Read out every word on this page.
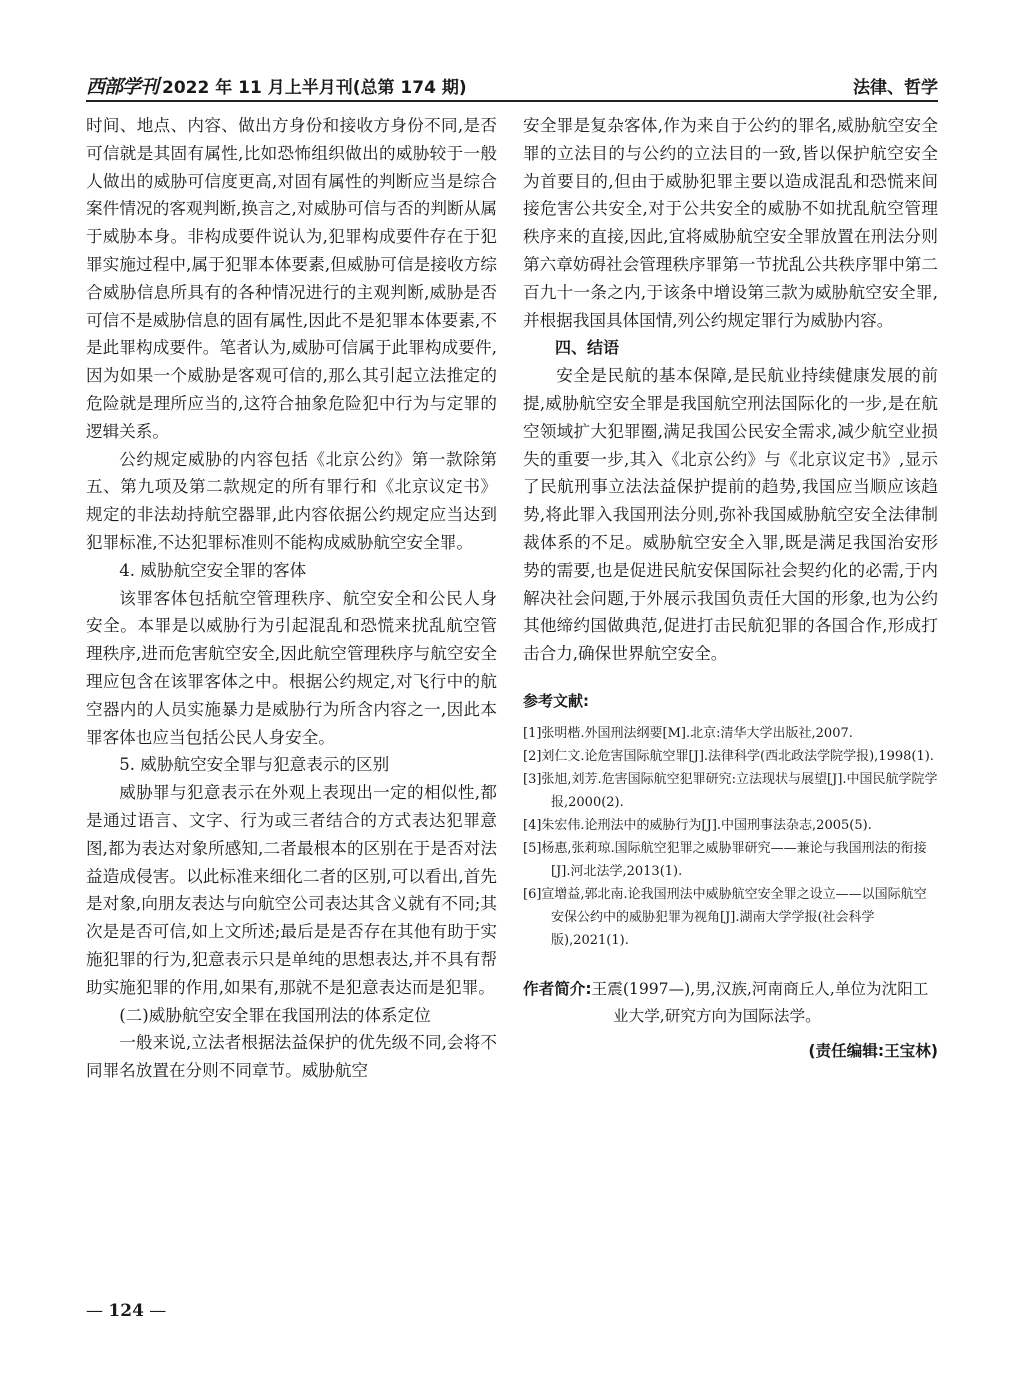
西部学刊 2022 年 11 月上半月刊(总第 174 期)	法律、哲学

时间、地点、内容、做出方身份和接收方身份不同,是否可信就是其固有属性,比如恐怖组织做出的威胁较于一般人做出的威胁可信度更高,对固有属性的判断应当是综合案件情况的客观判断,换言之,对威胁可信与否的判断从属于威胁本身。非构成要件说认为,犯罪构成要件存在于犯罪实施过程中,属于犯罪本体要素,但威胁可信是接收方综合威胁信息所具有的各种情况进行的主观判断,威胁是否可信不是威胁信息的固有属性,因此不是犯罪本体要素,不是此罪构成要件。笔者认为,威胁可信属于此罪构成要件,因为如果一个威胁是客观可信的,那么其引起立法推定的危险就是理所应当的,这符合抽象危险犯中行为与定罪的逻辑关系。

公约规定威胁的内容包括《北京公约》第一款除第五、第九项及第二款规定的所有罪行和《北京议定书》规定的非法劫持航空器罪,此内容依据公约规定应当达到犯罪标准,不达犯罪标准则不能构成威胁航空安全罪。

4. 威胁航空安全罪的客体

该罪客体包括航空管理秩序、航空安全和公民人身安全。本罪是以威胁行为引起混乱和恐慌来扰乱航空管理秩序,进而危害航空安全,因此航空管理秩序与航空安全理应包含在该罪客体之中。根据公约规定,对飞行中的航空器内的人员实施暴力是威胁行为所含内容之一,因此本罪客体也应当包括公民人身安全。

5. 威胁航空安全罪与犯意表示的区别

威胁罪与犯意表示在外观上表现出一定的相似性,都是通过语言、文字、行为或三者结合的方式表达犯罪意图,都为表达对象所感知,二者最根本的区别在于是否对法益造成侵害。以此标准来细化二者的区别,可以看出,首先是对象,向朋友表达与向航空公司表达其含义就有不同;其次是是否可信,如上文所述;最后是是否存在其他有助于实施犯罪的行为,犯意表示只是单纯的思想表达,并不具有帮助实施犯罪的作用,如果有,那就不是犯意表达而是犯罪。

(二)威胁航空安全罪在我国刑法的体系定位

一般来说,立法者根据法益保护的优先级不同,会将不同罪名放置在分则不同章节。威胁航空

安全罪是复杂客体,作为来自于公约的罪名,威胁航空安全罪的立法目的与公约的立法目的一致,皆以保护航空安全为首要目的,但由于威胁犯罪主要以造成混乱和恐慌来间接危害公共安全,对于公共安全的威胁不如扰乱航空管理秩序来的直接,因此,宜将威胁航空安全罪放置在刑法分则第六章妨碍社会管理秩序罪第一节扰乱公共秩序罪中第二百九十一条之内,于该条中增设第三款为威胁航空安全罪,并根据我国具体国情,列公约规定罪行为威胁内容。

四、结语

安全是民航的基本保障,是民航业持续健康发展的前提,威胁航空安全罪是我国航空刑法国际化的一步,是在航空领域扩大犯罪圈,满足我国公民安全需求,减少航空业损失的重要一步,其入《北京公约》与《北京议定书》,显示了民航刑事立法法益保护提前的趋势,我国应当顺应该趋势,将此罪入我国刑法分则,弥补我国威胁航空安全法律制裁体系的不足。威胁航空安全入罪,既是满足我国治安形势的需要,也是促进民航安保国际社会契约化的必需,于内解决社会问题,于外展示我国负责任大国的形象,也为公约其他缔约国做典范,促进打击民航犯罪的各国合作,形成打击合力,确保世界航空安全。

参考文献:
[1]张明楷.外国刑法纲要[M].北京:清华大学出版社,2007.
[2]刘仁文.论危害国际航空罪[J].法律科学(西北政法学院学报),1998(1).
[3]张旭,刘芳.危害国际航空犯罪研究:立法现状与展望[J].中国民航学院学报,2000(2).
[4]朱宏伟.论刑法中的威胁行为[J].中国刑事法杂志,2005(5).
[5]杨惠,张莉琼.国际航空犯罪之威胁罪研究——兼论与我国刑法的衔接[J].河北法学,2013(1).
[6]宣增益,郭北南.论我国刑法中威胁航空安全罪之设立——以国际航空安保公约中的威胁犯罪为视角[J].湖南大学学报(社会科学版),2021(1).
作者简介:王震(1997—),男,汉族,河南商丘人,单位为沈阳工业大学,研究方向为国际法学。
(责任编辑:王宝林)
— 124 —
